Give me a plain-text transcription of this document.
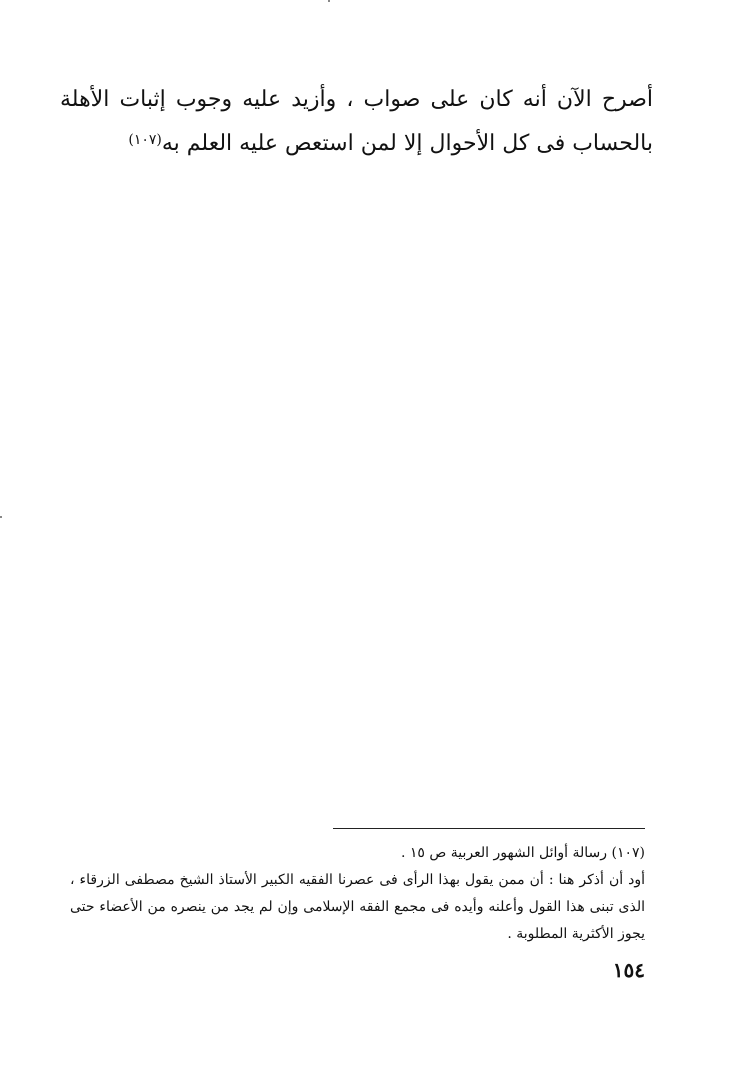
أصرح الآن أنه كان على صواب ، وأزيد عليه وجوب إثبات الأهلة بالحساب فى كل الأحوال إلا لمن استعص عليه العلم به$^{(١٠٧)}$

(١٠٧) رسالة أوائل الشهور العربية ص ١٥ .

أود أن أذكر هنا : أن ممن يقول بهذا الرأى فى عصرنا الفقيه الكبير الأستاذ الشيخ مصطفى الزرقاء ، الذى تبنى هذا القول وأعلنه وأيده فى مجمع الفقه الإسلامى وإن لم يجد من ينصره من الأعضاء حتى يجوز الأكثرية المطلوبة .

١٥٤
